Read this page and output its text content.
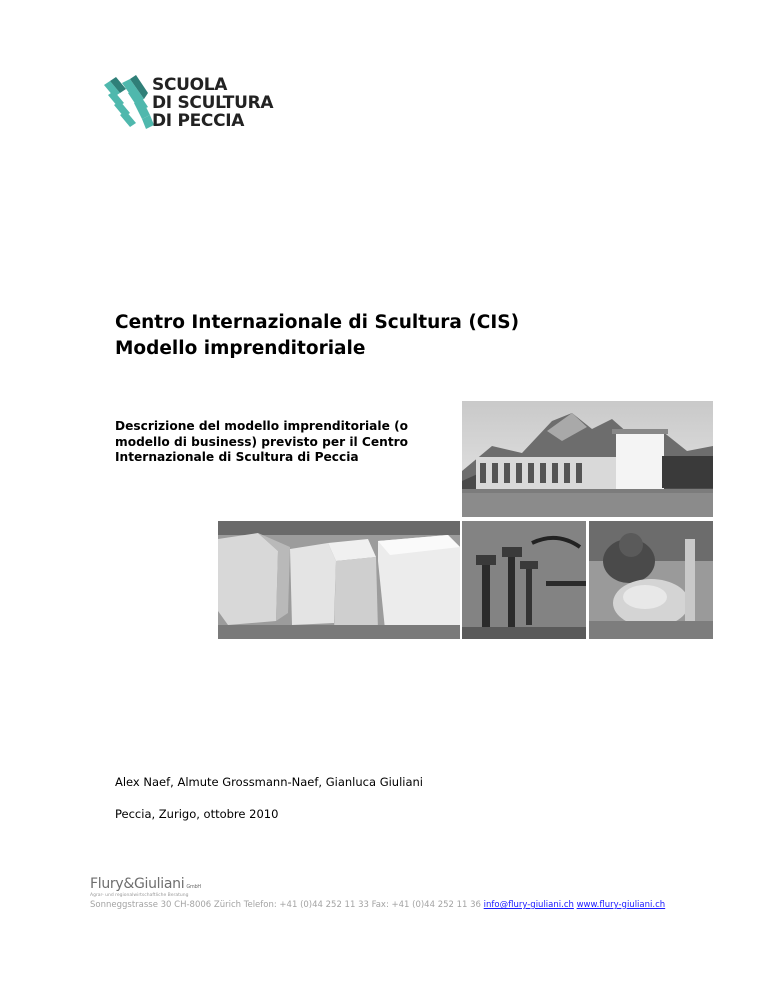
SCUOLA
DI SCULTURA
DI PECCIA
Centro Internazionale di Scultura (CIS)
Modello imprenditoriale
Descrizione del modello imprenditoriale (o
modello di business) previsto per il Centro
Internazionale di Scultura di Peccia
Alex Naef, Almute Grossmann-Naef, Gianluca Giuliani
Peccia, Zurigo, ottobre 2010
Flury&Giuliani GmbH
Agrar- und regionalwirtschaftliche Beratung
Sonneggstrasse 30 CH-8006 Zürich Telefon: +41 (0)44 252 11 33 Fax: +41 (0)44 252 11 36 info@flury-giuliani.ch www.flury-giuliani.ch
